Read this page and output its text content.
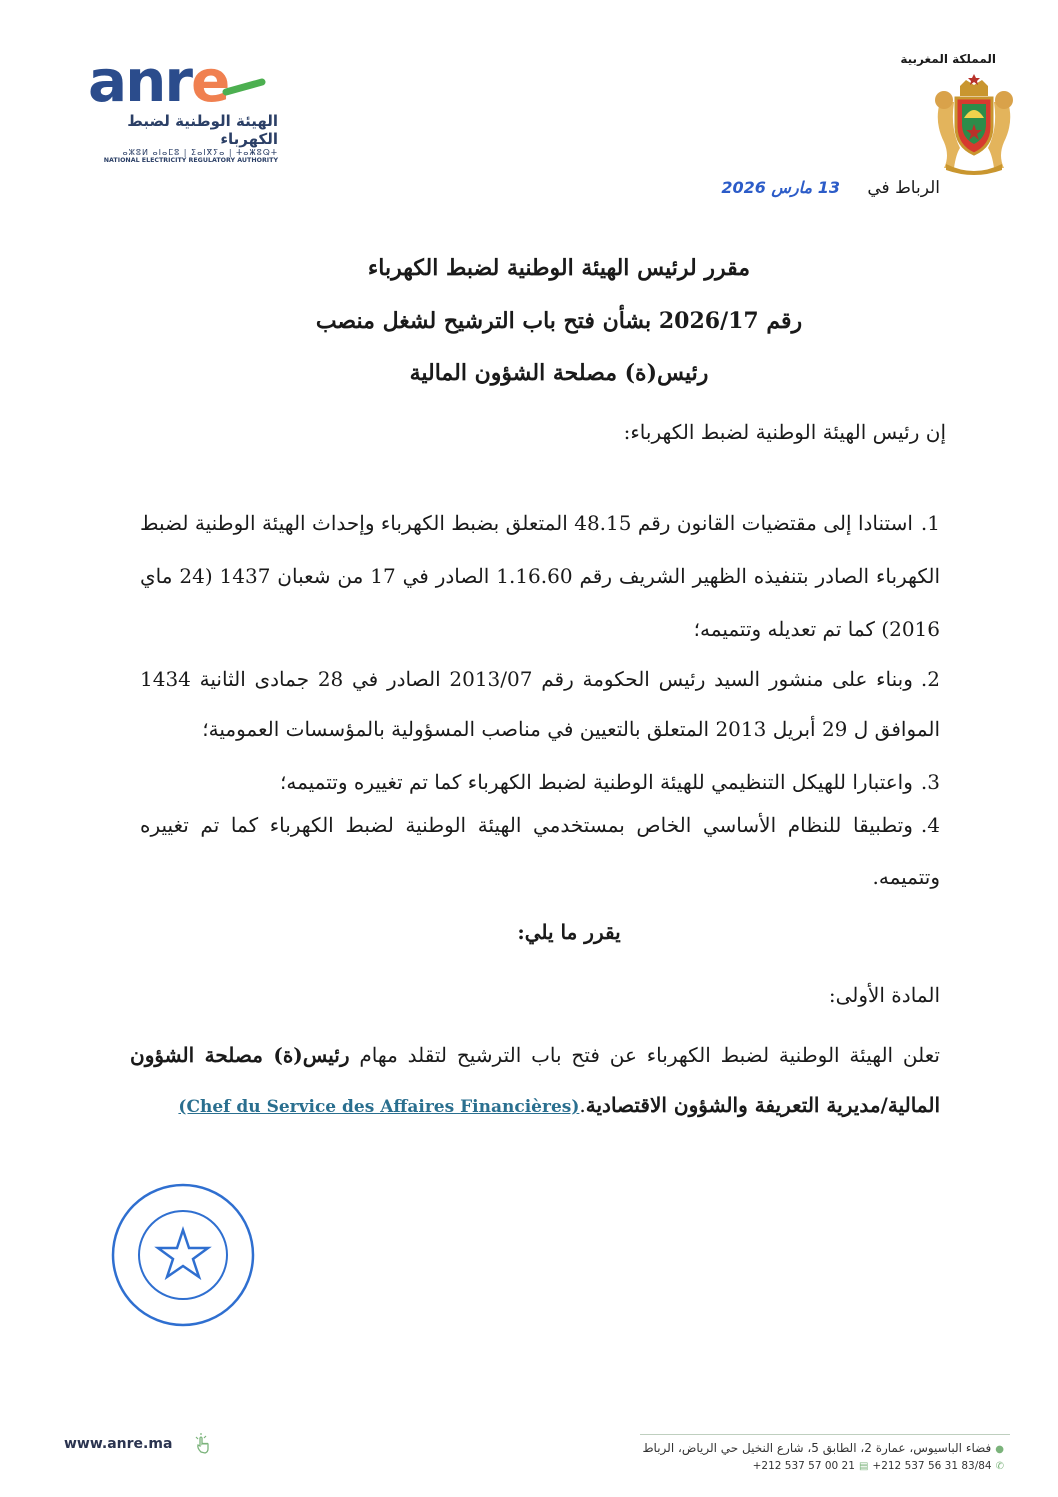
anre
الهيئة الوطنية لضبط الكهرباء
ⴰⵣⵓⵍ ⴰⵏⴰⵎⵓ | ⵉⴰⵏⴳⵢⴰ | ⵜⴰⵥⵓⵕⵜ
NATIONAL ELECTRICITY REGULATORY AUTHORITY
المملكة المغربية
الرباط في 13 مارس 2026
مقرر لرئيس الهيئة الوطنية لضبط الكهرباء
رقم 2026/17 بشأن فتح باب الترشيح لشغل منصب
رئيس(ة) مصلحة الشؤون المالية
إن رئيس الهيئة الوطنية لضبط الكهرباء:
1.استنادا إلى مقتضيات القانون رقم 48.15 المتعلق بضبط الكهرباء وإحداث الهيئة الوطنية لضبط الكهرباء الصادر بتنفيذه الظهير الشريف رقم 1.16.60 الصادر في 17 من شعبان 1437 (24 ماي 2016) كما تم تعديله وتتميمه؛
2.وبناء على منشور السيد رئيس الحكومة رقم 2013/07 الصادر في 28 جمادى الثانية 1434 الموافق ل 29 أبريل 2013 المتعلق بالتعيين في مناصب المسؤولية بالمؤسسات العمومية؛
3.واعتبارا للهيكل التنظيمي للهيئة الوطنية لضبط الكهرباء كما تم تغييره وتتميمه؛
4.وتطبيقا للنظام الأساسي الخاص بمستخدمي الهيئة الوطنية لضبط الكهرباء كما تم تغييره وتتميمه.
يقرر ما يلي:
المادة الأولى:
تعلن الهيئة الوطنية لضبط الكهرباء عن فتح باب الترشيح لتقلد مهام رئيس(ة) مصلحة الشؤون المالية/مديرية التعريفة والشؤون الاقتصادية.(Chef du Service des Affaires Financières)
www.anre.ma	●فضاء الباسيوس، عمارة 2، الطابق 5، شارع النخيل حي الرياض، الرباط
+212 537 57 00 21 ▤ +212 537 56 31 83/84 ✆
